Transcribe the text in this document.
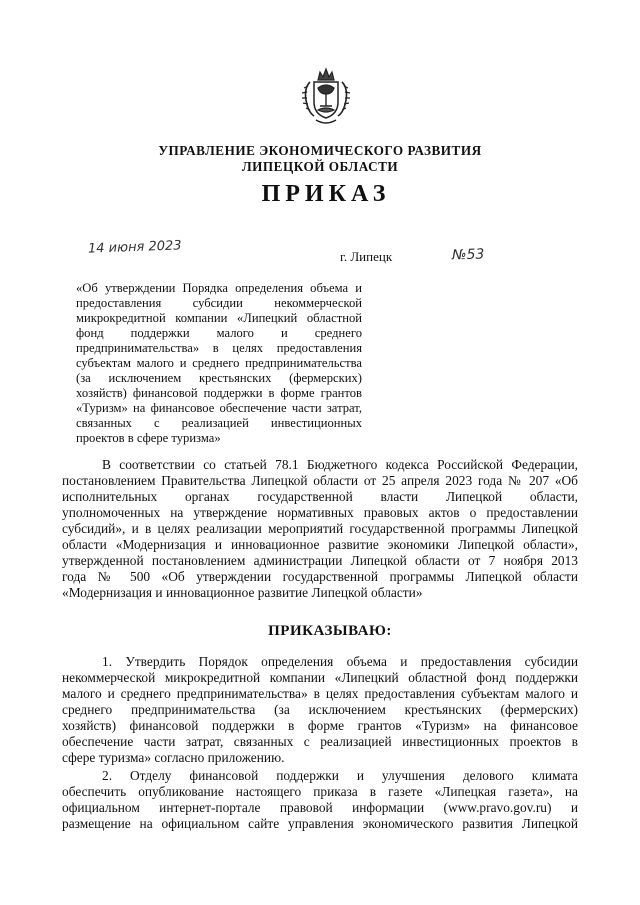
УПРАВЛЕНИЕ ЭКОНОМИЧЕСКОГО РАЗВИТИЯ
ЛИПЕЦКОЙ ОБЛАСТИ
ПРИКАЗ
14 июня 2023	г. Липецк	№53
«Об утверждении Порядка определения объема и
предоставления субсидии некоммерческой
микрокредитной компании «Липецкий областной
фонд поддержки малого и среднего
предпринимательства» в целях предоставления
субъектам малого и среднего предпринимательства
(за исключением крестьянских (фермерских)
хозяйств) финансовой поддержки в форме грантов
«Туризм» на финансовое обеспечение части затрат,
связанных с реализацией инвестиционных
проектов в сфере туризма»
В соответствии со статьей 78.1 Бюджетного кодекса Российской Федерации,
постановлением Правительства Липецкой области от 25 апреля 2023 года № 207 «Об
исполнительных органах государственной власти Липецкой области,
уполномоченных на утверждение нормативных правовых актов о предоставлении
субсидий», и в целях реализации мероприятий государственной программы Липецкой
области «Модернизация и инновационное развитие экономики Липецкой области»,
утвержденной постановлением администрации Липецкой области от 7 ноября 2013
года № 500 «Об утверждении государственной программы Липецкой области
«Модернизация и инновационное развитие Липецкой области»
ПРИКАЗЫВАЮ:
1. Утвердить Порядок определения объема и предоставления субсидии
некоммерческой микрокредитной компании «Липецкий областной фонд поддержки
малого и среднего предпринимательства» в целях предоставления субъектам малого и
среднего предпринимательства (за исключением крестьянских (фермерских)
хозяйств) финансовой поддержки в форме грантов «Туризм» на финансовое
обеспечение части затрат, связанных с реализацией инвестиционных проектов в
сфере туризма» согласно приложению.
2. Отделу финансовой поддержки и улучшения делового климата
обеспечить опубликование настоящего приказа в газете «Липецкая газета», на
официальном интернет-портале правовой информации (www.pravo.gov.ru) и
размещение на официальном сайте управления экономического развития Липецкой
